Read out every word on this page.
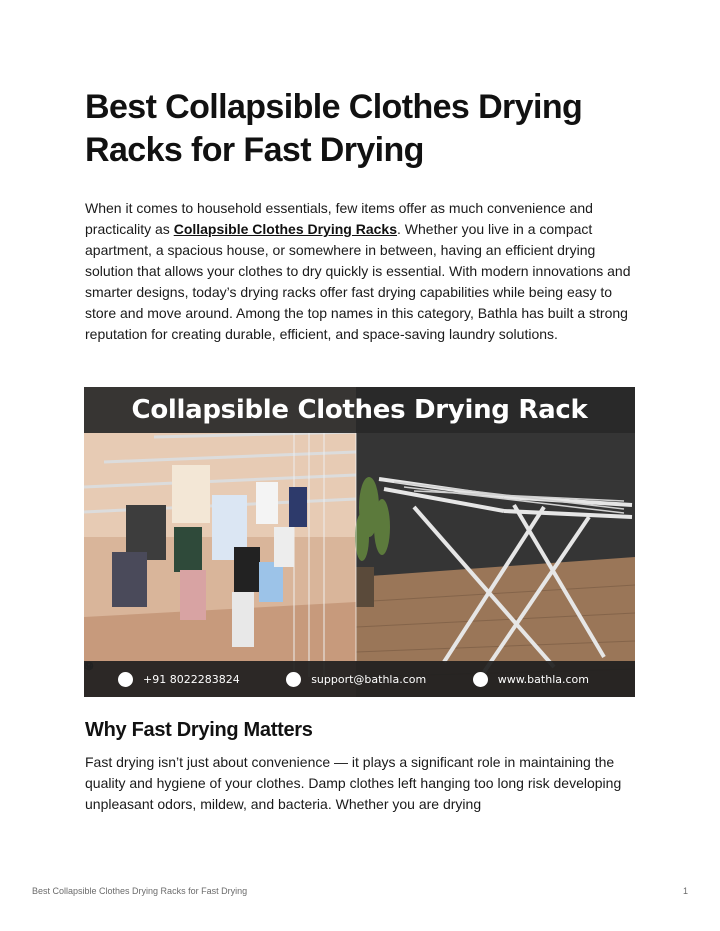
Best Collapsible Clothes Drying Racks for Fast Drying

When it comes to household essentials, few items offer as much convenience and practicality as Collapsible Clothes Drying Racks. Whether you live in a compact apartment, a spacious house, or somewhere in between, having an efficient drying solution that allows your clothes to dry quickly is essential. With modern innovations and smarter designs, today’s drying racks offer fast drying capabilities while being easy to store and move around. Among the top names in this category, Bathla has built a strong reputation for creating durable, efficient, and space-saving laundry solutions.

Collapsible Clothes Drying Rack
+91 8022283824	support@bathla.com	www.bathla.com
Why Fast Drying Matters

Fast drying isn’t just about convenience — it plays a significant role in maintaining the quality and hygiene of your clothes. Damp clothes left hanging too long risk developing unpleasant odors, mildew, and bacteria. Whether you are drying

Best Collapsible Clothes Drying Racks for Fast Drying	1
